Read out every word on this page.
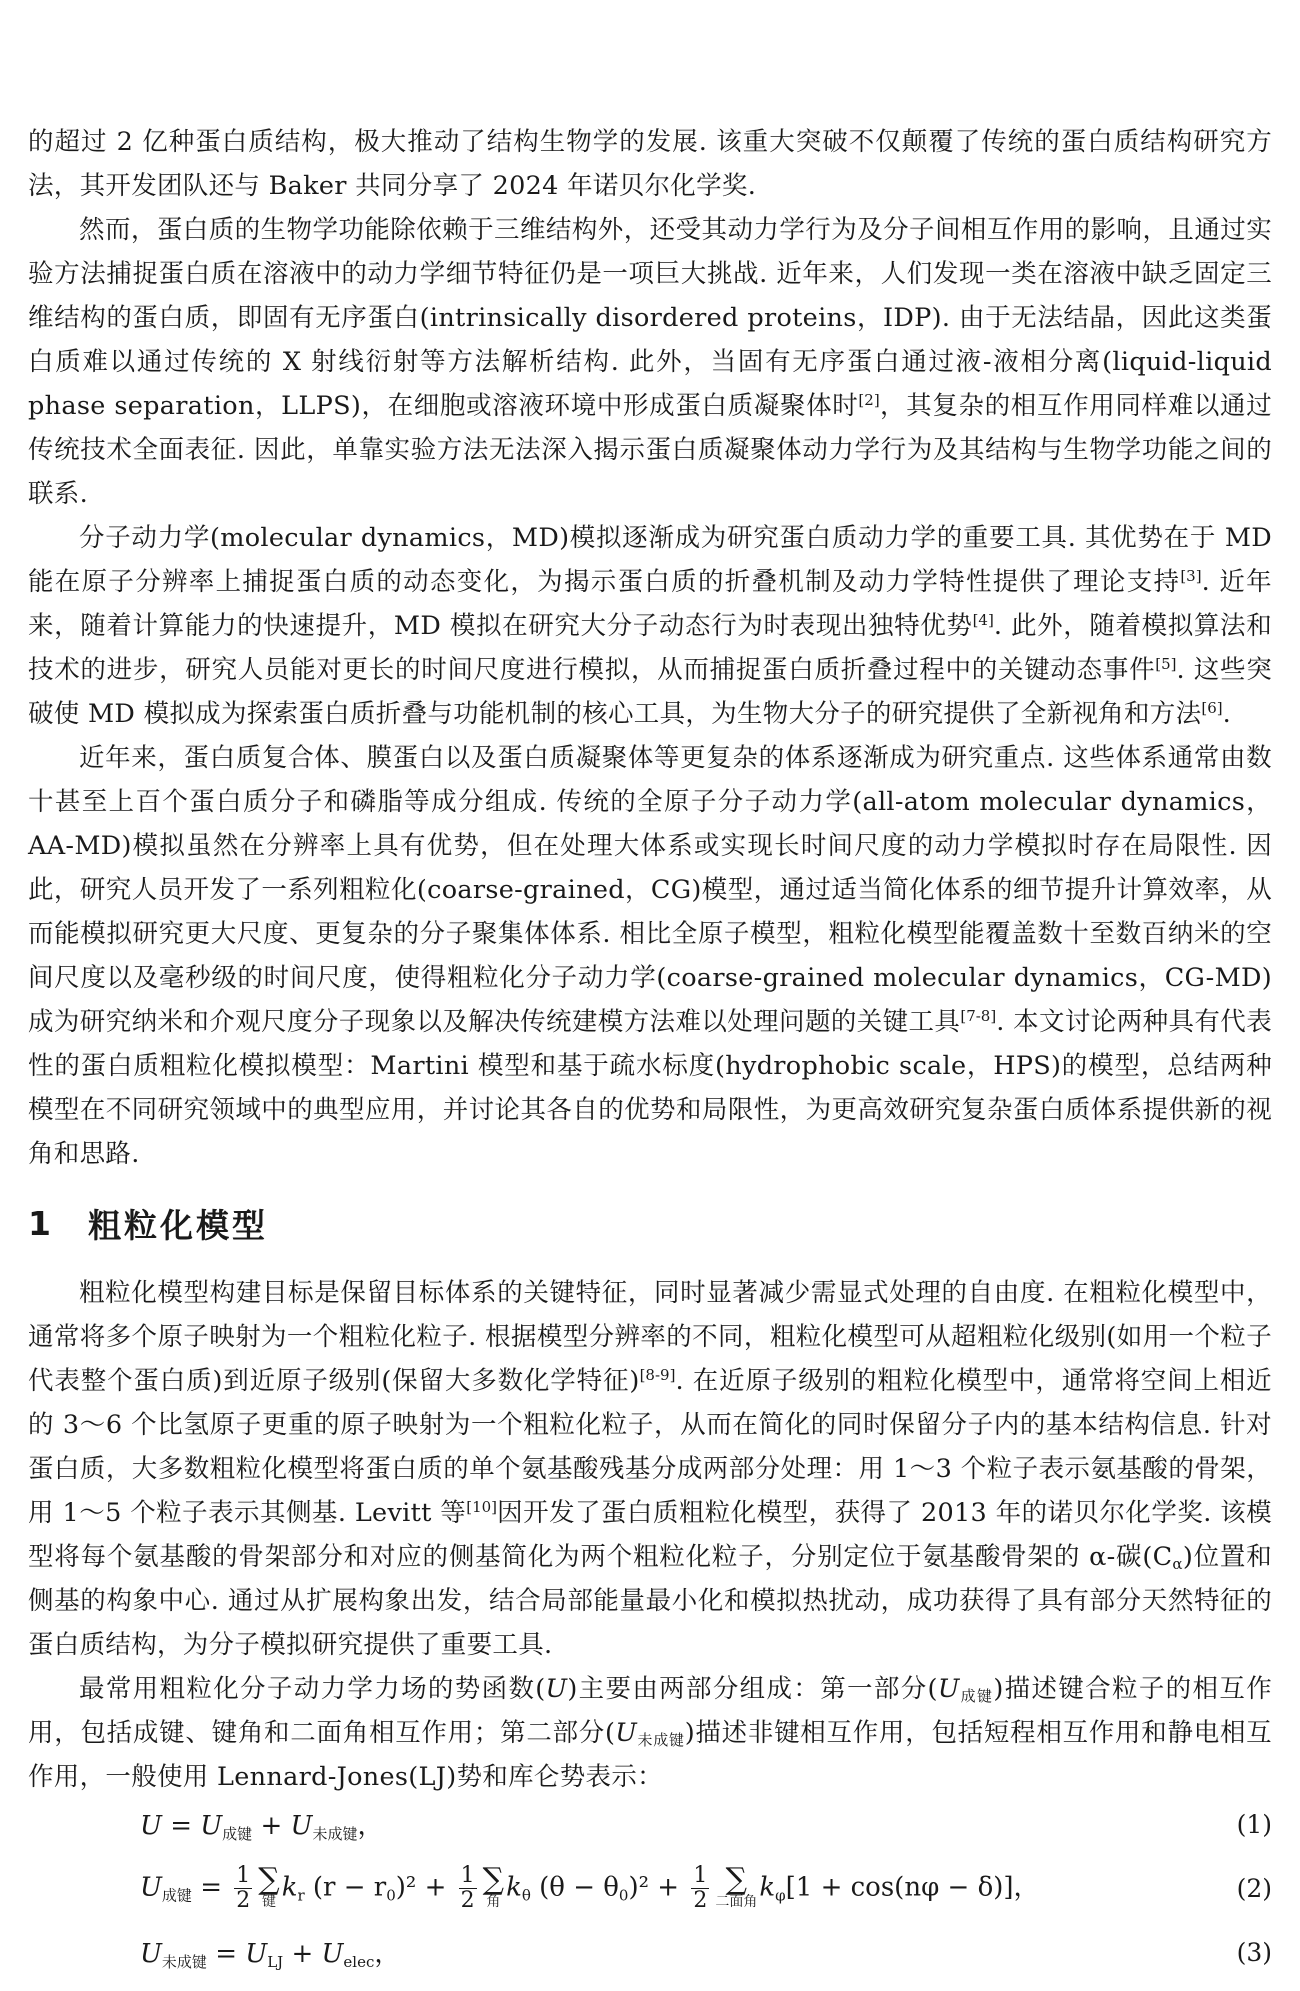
的超过 2 亿种蛋白质结构，极大推动了结构生物学的发展. 该重大突破不仅颠覆了传统的蛋白质结构研究方法，其开发团队还与 Baker 共同分享了 2024 年诺贝尔化学奖.

然而，蛋白质的生物学功能除依赖于三维结构外，还受其动力学行为及分子间相互作用的影响，且通过实验方法捕捉蛋白质在溶液中的动力学细节特征仍是一项巨大挑战. 近年来，人们发现一类在溶液中缺乏固定三维结构的蛋白质，即固有无序蛋白(intrinsically disordered proteins，IDP). 由于无法结晶，因此这类蛋白质难以通过传统的 X 射线衍射等方法解析结构. 此外，当固有无序蛋白通过液-液相分离(liquid-liquid phase separation，LLPS)，在细胞或溶液环境中形成蛋白质凝聚体时[2]，其复杂的相互作用同样难以通过传统技术全面表征. 因此，单靠实验方法无法深入揭示蛋白质凝聚体动力学行为及其结构与生物学功能之间的联系.

分子动力学(molecular dynamics，MD)模拟逐渐成为研究蛋白质动力学的重要工具. 其优势在于 MD 能在原子分辨率上捕捉蛋白质的动态变化，为揭示蛋白质的折叠机制及动力学特性提供了理论支持[3]. 近年来，随着计算能力的快速提升，MD 模拟在研究大分子动态行为时表现出独特优势[4]. 此外，随着模拟算法和技术的进步，研究人员能对更长的时间尺度进行模拟，从而捕捉蛋白质折叠过程中的关键动态事件[5]. 这些突破使 MD 模拟成为探索蛋白质折叠与功能机制的核心工具，为生物大分子的研究提供了全新视角和方法[6].

近年来，蛋白质复合体、膜蛋白以及蛋白质凝聚体等更复杂的体系逐渐成为研究重点. 这些体系通常由数十甚至上百个蛋白质分子和磷脂等成分组成. 传统的全原子分子动力学(all-atom molecular dynamics，AA-MD)模拟虽然在分辨率上具有优势，但在处理大体系或实现长时间尺度的动力学模拟时存在局限性. 因此，研究人员开发了一系列粗粒化(coarse-grained，CG)模型，通过适当简化体系的细节提升计算效率，从而能模拟研究更大尺度、更复杂的分子聚集体体系. 相比全原子模型，粗粒化模型能覆盖数十至数百纳米的空间尺度以及毫秒级的时间尺度，使得粗粒化分子动力学(coarse-grained molecular dynamics，CG-MD)成为研究纳米和介观尺度分子现象以及解决传统建模方法难以处理问题的关键工具[7-8]. 本文讨论两种具有代表性的蛋白质粗粒化模拟模型：Martini 模型和基于疏水标度(hydrophobic scale，HPS)的模型，总结两种模型在不同研究领域中的典型应用，并讨论其各自的优势和局限性，为更高效研究复杂蛋白质体系提供新的视角和思路.

1	粗粒化模型

粗粒化模型构建目标是保留目标体系的关键特征，同时显著减少需显式处理的自由度. 在粗粒化模型中，通常将多个原子映射为一个粗粒化粒子. 根据模型分辨率的不同，粗粒化模型可从超粗粒化级别(如用一个粒子代表整个蛋白质)到近原子级别(保留大多数化学特征)[8-9]. 在近原子级别的粗粒化模型中，通常将空间上相近的 3～6 个比氢原子更重的原子映射为一个粗粒化粒子，从而在简化的同时保留分子内的基本结构信息. 针对蛋白质，大多数粗粒化模型将蛋白质的单个氨基酸残基分成两部分处理：用 1～3 个粒子表示氨基酸的骨架，用 1～5 个粒子表示其侧基. Levitt 等[10]因开发了蛋白质粗粒化模型，获得了 2013 年的诺贝尔化学奖. 该模型将每个氨基酸的骨架部分和对应的侧基简化为两个粗粒化粒子，分别定位于氨基酸骨架的 α-碳$(C_\alpha)$位置和侧基的构象中心. 通过从扩展构象出发，结合局部能量最小化和模拟热扰动，成功获得了具有部分天然特征的蛋白质结构，为分子模拟研究提供了重要工具.

最常用粗粒化分子动力学力场的势函数(U)主要由两部分组成：第一部分$(U_{成键})$描述键合粒子的相互作用，包括成键、键角和二面角相互作用；第二部分$(U_{未成键})$描述非键相互作用，包括短程相互作用和静电相互作用，一般使用 Lennard-Jones(LJ)势和库仑势表示：

U = U成键 + U未成键，	(1)
U成键 = $\frac{1}{2}$ ∑
键 kr $(r - r0)^2 + \frac{1}{2}$ ∑
角 kθ $(\theta - \theta 0)^2 + \frac{1}{2}$ ∑
二面角 kφ[1 + cos(nφ − δ)]，	(2)
U未成键 = ULJ + Uelec，	(3)
